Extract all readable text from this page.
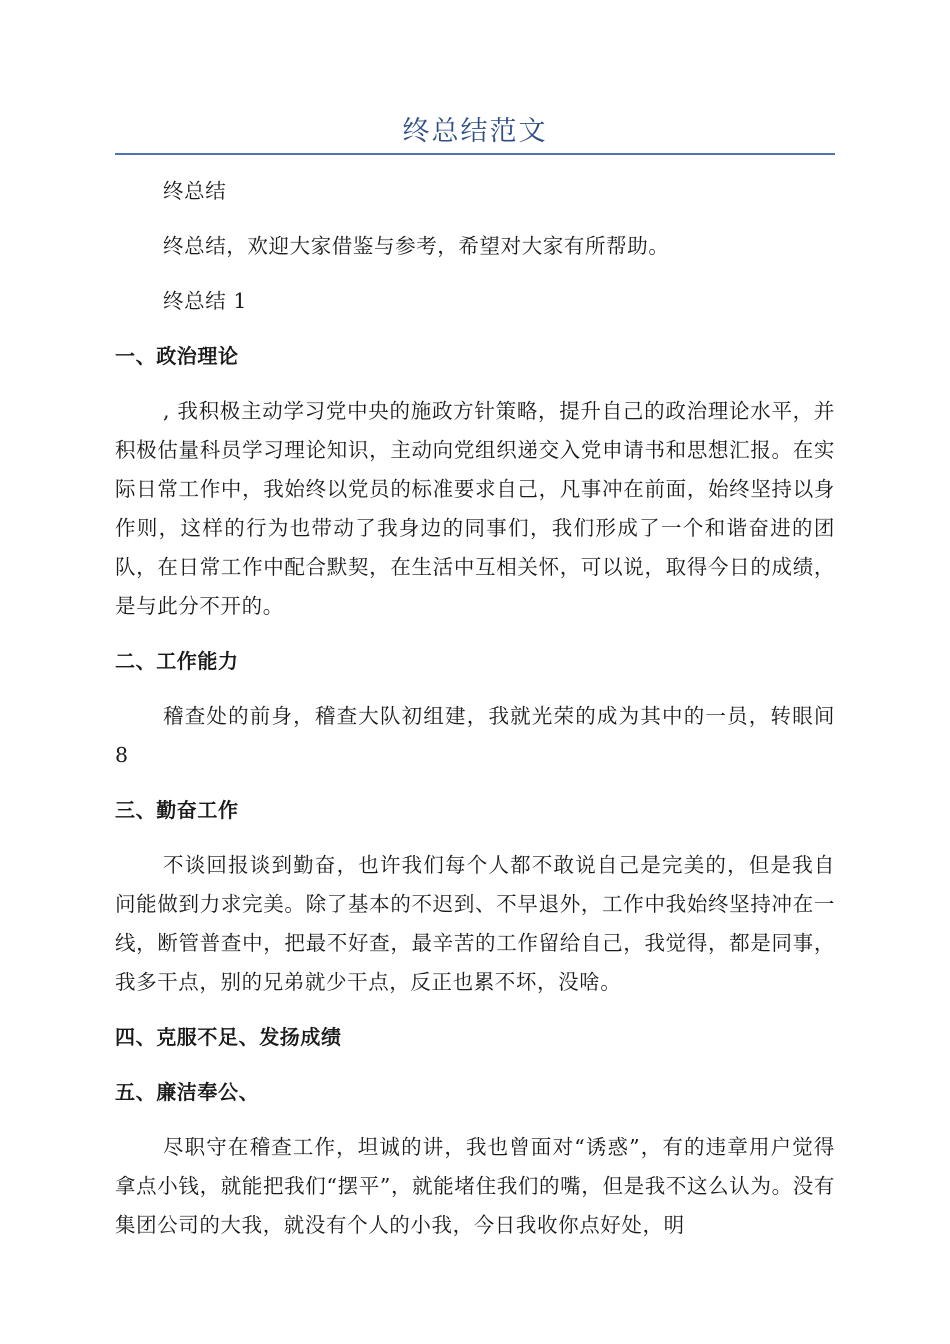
终总结范文

终总结

终总结，欢迎大家借鉴与参考，希望对大家有所帮助。

终总结 1

一、政治理论

, 我积极主动学习党中央的施政方针策略，提升自己的政治理论水平，并积极估量科员学习理论知识，主动向党组织递交入党申请书和思想汇报。在实际日常工作中，我始终以党员的标准要求自己，凡事冲在前面，始终坚持以身作则，这样的行为也带动了我身边的同事们，我们形成了一个和谐奋进的团队，在日常工作中配合默契，在生活中互相关怀，可以说，取得今日的成绩，是与此分不开的。

二、工作能力

稽查处的前身，稽查大队初组建，我就光荣的成为其中的一员，转眼间 8

三、勤奋工作

不谈回报谈到勤奋，也许我们每个人都不敢说自己是完美的，但是我自问能做到力求完美。除了基本的不迟到、不早退外，工作中我始终坚持冲在一线，断管普查中，把最不好查，最辛苦的工作留给自己，我觉得，都是同事，我多干点，别的兄弟就少干点，反正也累不坏，没啥。

四、克服不足、发扬成绩
五、廉洁奉公、

尽职守在稽查工作，坦诚的讲，我也曾面对“诱惑”，有的违章用户觉得拿点小钱，就能把我们“摆平”，就能堵住我们的嘴，但是我不这么认为。没有集团公司的大我，就没有个人的小我，今日我收你点好处，明
